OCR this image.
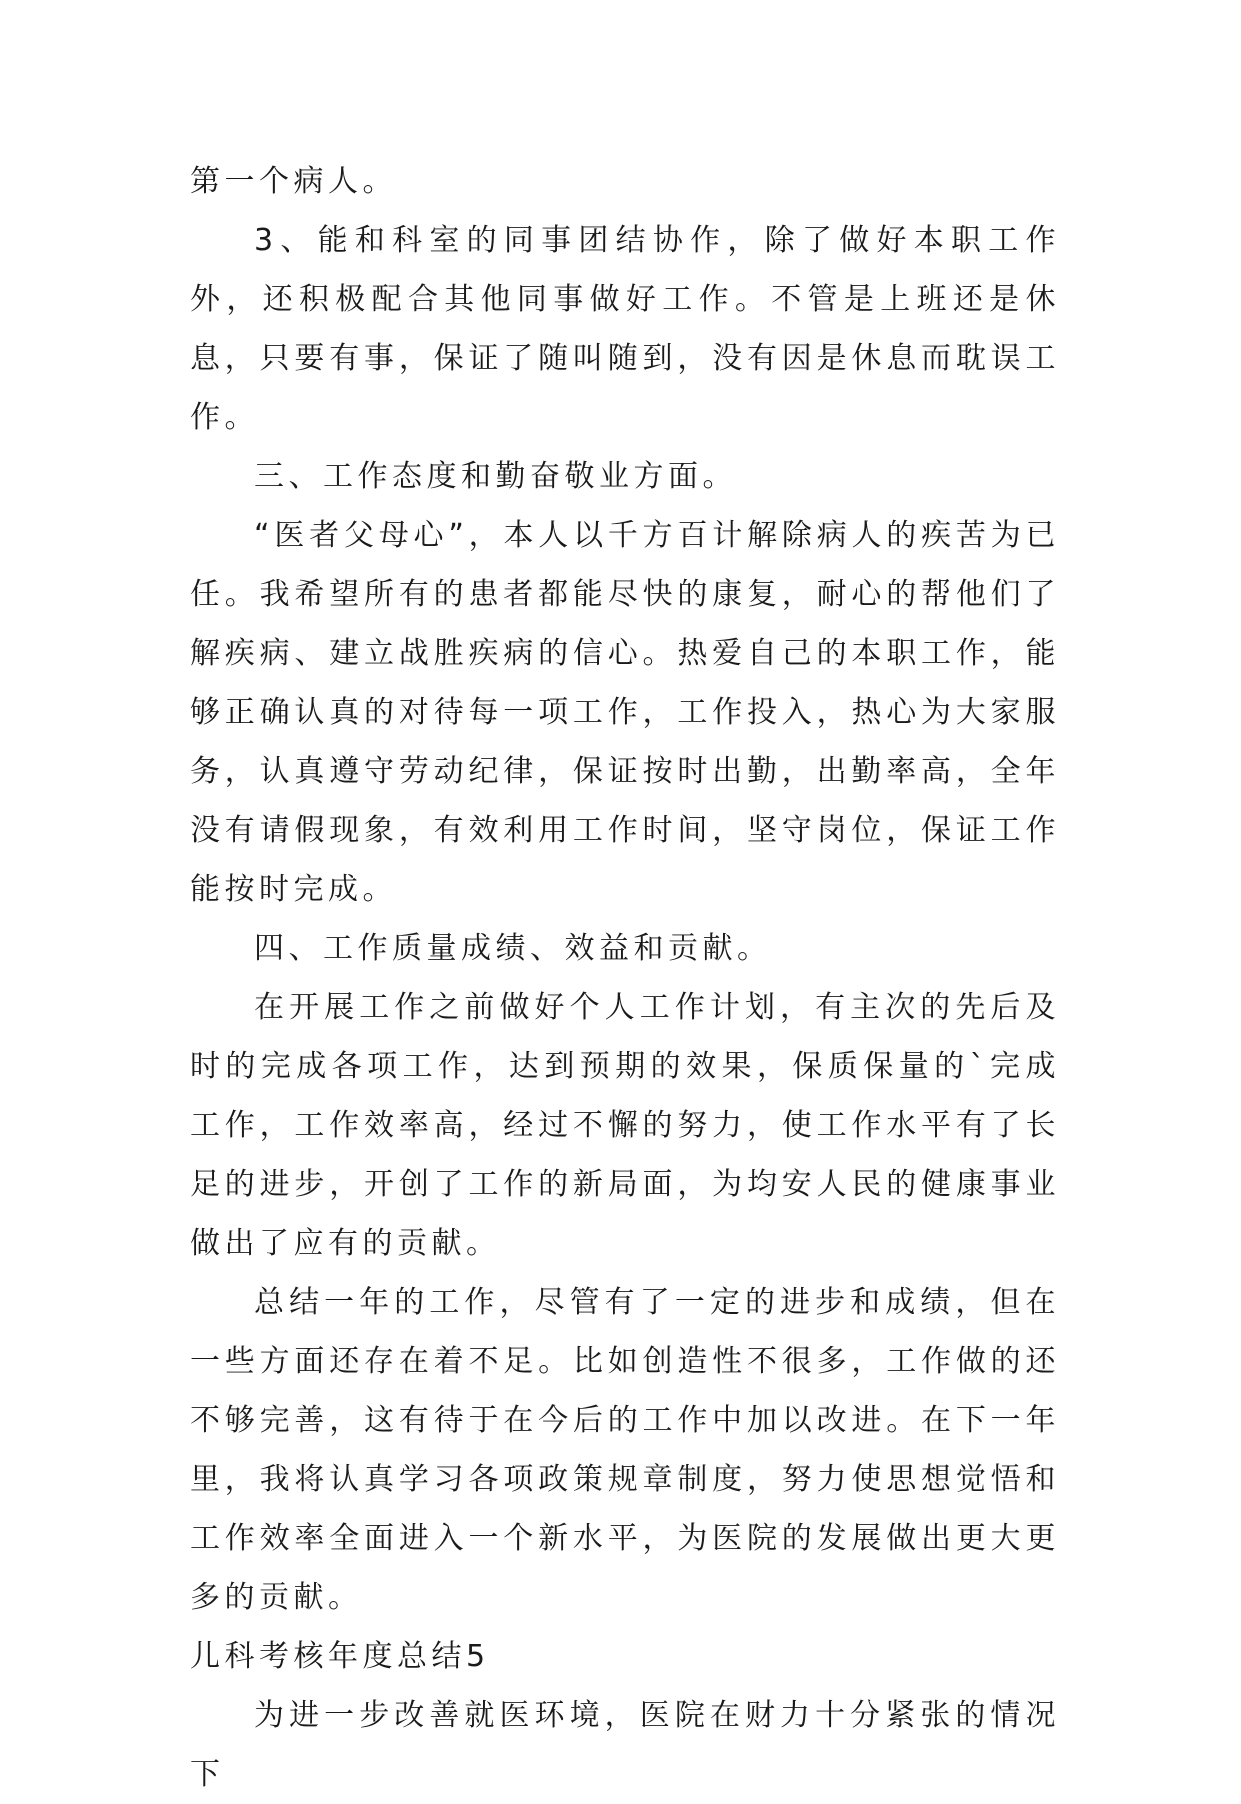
第一个病人。

3、能和科室的同事团结协作，除了做好本职工作外，还积极配合其他同事做好工作。不管是上班还是休息，只要有事，保证了随叫随到，没有因是休息而耽误工作。

三、工作态度和勤奋敬业方面。

“医者父母心”，本人以千方百计解除病人的疾苦为已任。我希望所有的患者都能尽快的康复，耐心的帮他们了解疾病、建立战胜疾病的信心。热爱自己的本职工作，能够正确认真的对待每一项工作，工作投入，热心为大家服务，认真遵守劳动纪律，保证按时出勤，出勤率高，全年没有请假现象，有效利用工作时间，坚守岗位，保证工作能按时完成。

四、工作质量成绩、效益和贡献。

在开展工作之前做好个人工作计划，有主次的先后及时的完成各项工作，达到预期的效果，保质保量的`完成工作，工作效率高，经过不懈的努力，使工作水平有了长足的进步，开创了工作的新局面，为均安人民的健康事业做出了应有的贡献。

总结一年的工作，尽管有了一定的进步和成绩，但在一些方面还存在着不足。比如创造性不很多，工作做的还不够完善，这有待于在今后的工作中加以改进。在下一年里，我将认真学习各项政策规章制度，努力使思想觉悟和工作效率全面进入一个新水平，为医院的发展做出更大更多的贡献。

儿科考核年度总结5

为进一步改善就医环境，医院在财力十分紧张的情况下
